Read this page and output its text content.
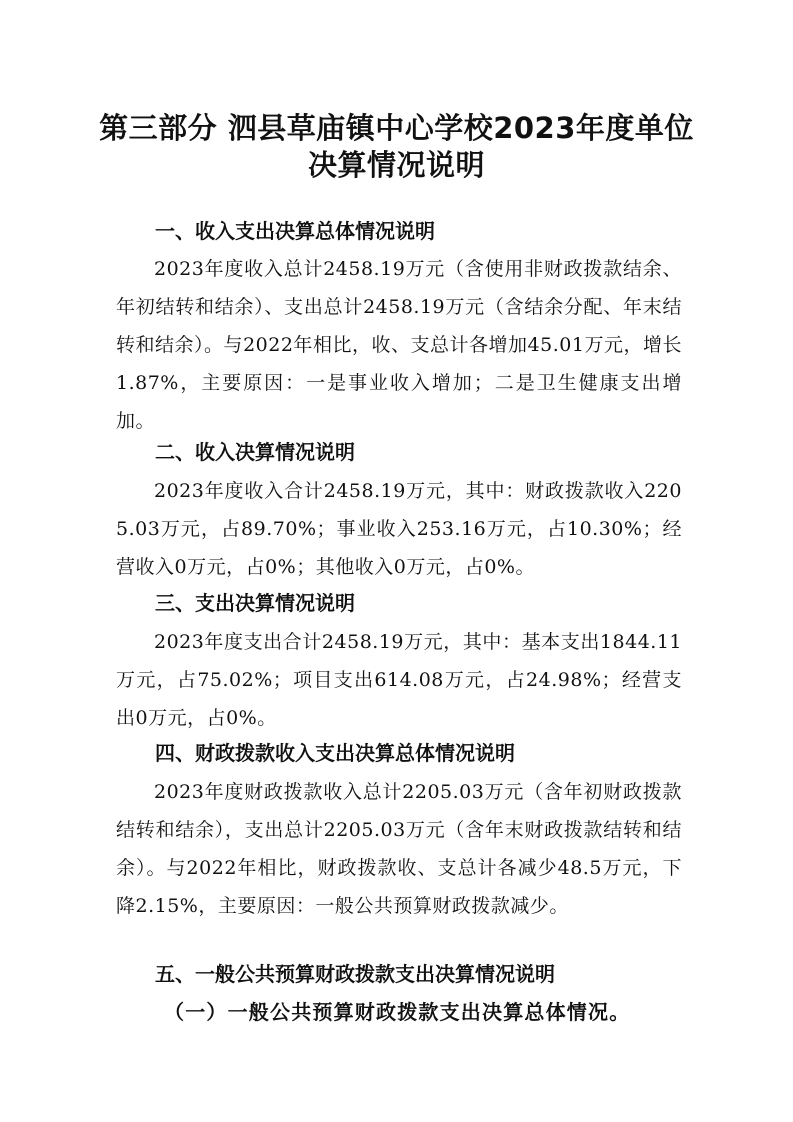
第三部分 泗县草庙镇中心学校2023年度单位
决算情况说明
一、收入支出决算总体情况说明
2023年度收入总计2458.19万元（含使用非财政拨款结余、年初结转和结余）、支出总计2458.19万元（含结余分配、年末结转和结余）。与2022年相比，收、支总计各增加45.01万元，增长1.87%，主要原因：一是事业收入增加；二是卫生健康支出增加。
二、收入决算情况说明
2023年度收入合计2458.19万元，其中：财政拨款收入2205.03万元，占89.70%；事业收入253.16万元，占10.30%；经营收入0万元，占0%；其他收入0万元，占0%。
三、支出决算情况说明
2023年度支出合计2458.19万元，其中：基本支出1844.11万元，占75.02%；项目支出614.08万元，占24.98%；经营支出0万元，占0%。
四、财政拨款收入支出决算总体情况说明
2023年度财政拨款收入总计2205.03万元（含年初财政拨款结转和结余），支出总计2205.03万元（含年末财政拨款结转和结余）。与2022年相比，财政拨款收、支总计各减少48.5万元，下降2.15%，主要原因：一般公共预算财政拨款减少。
五、一般公共预算财政拨款支出决算情况说明
（一）一般公共预算财政拨款支出决算总体情况。
